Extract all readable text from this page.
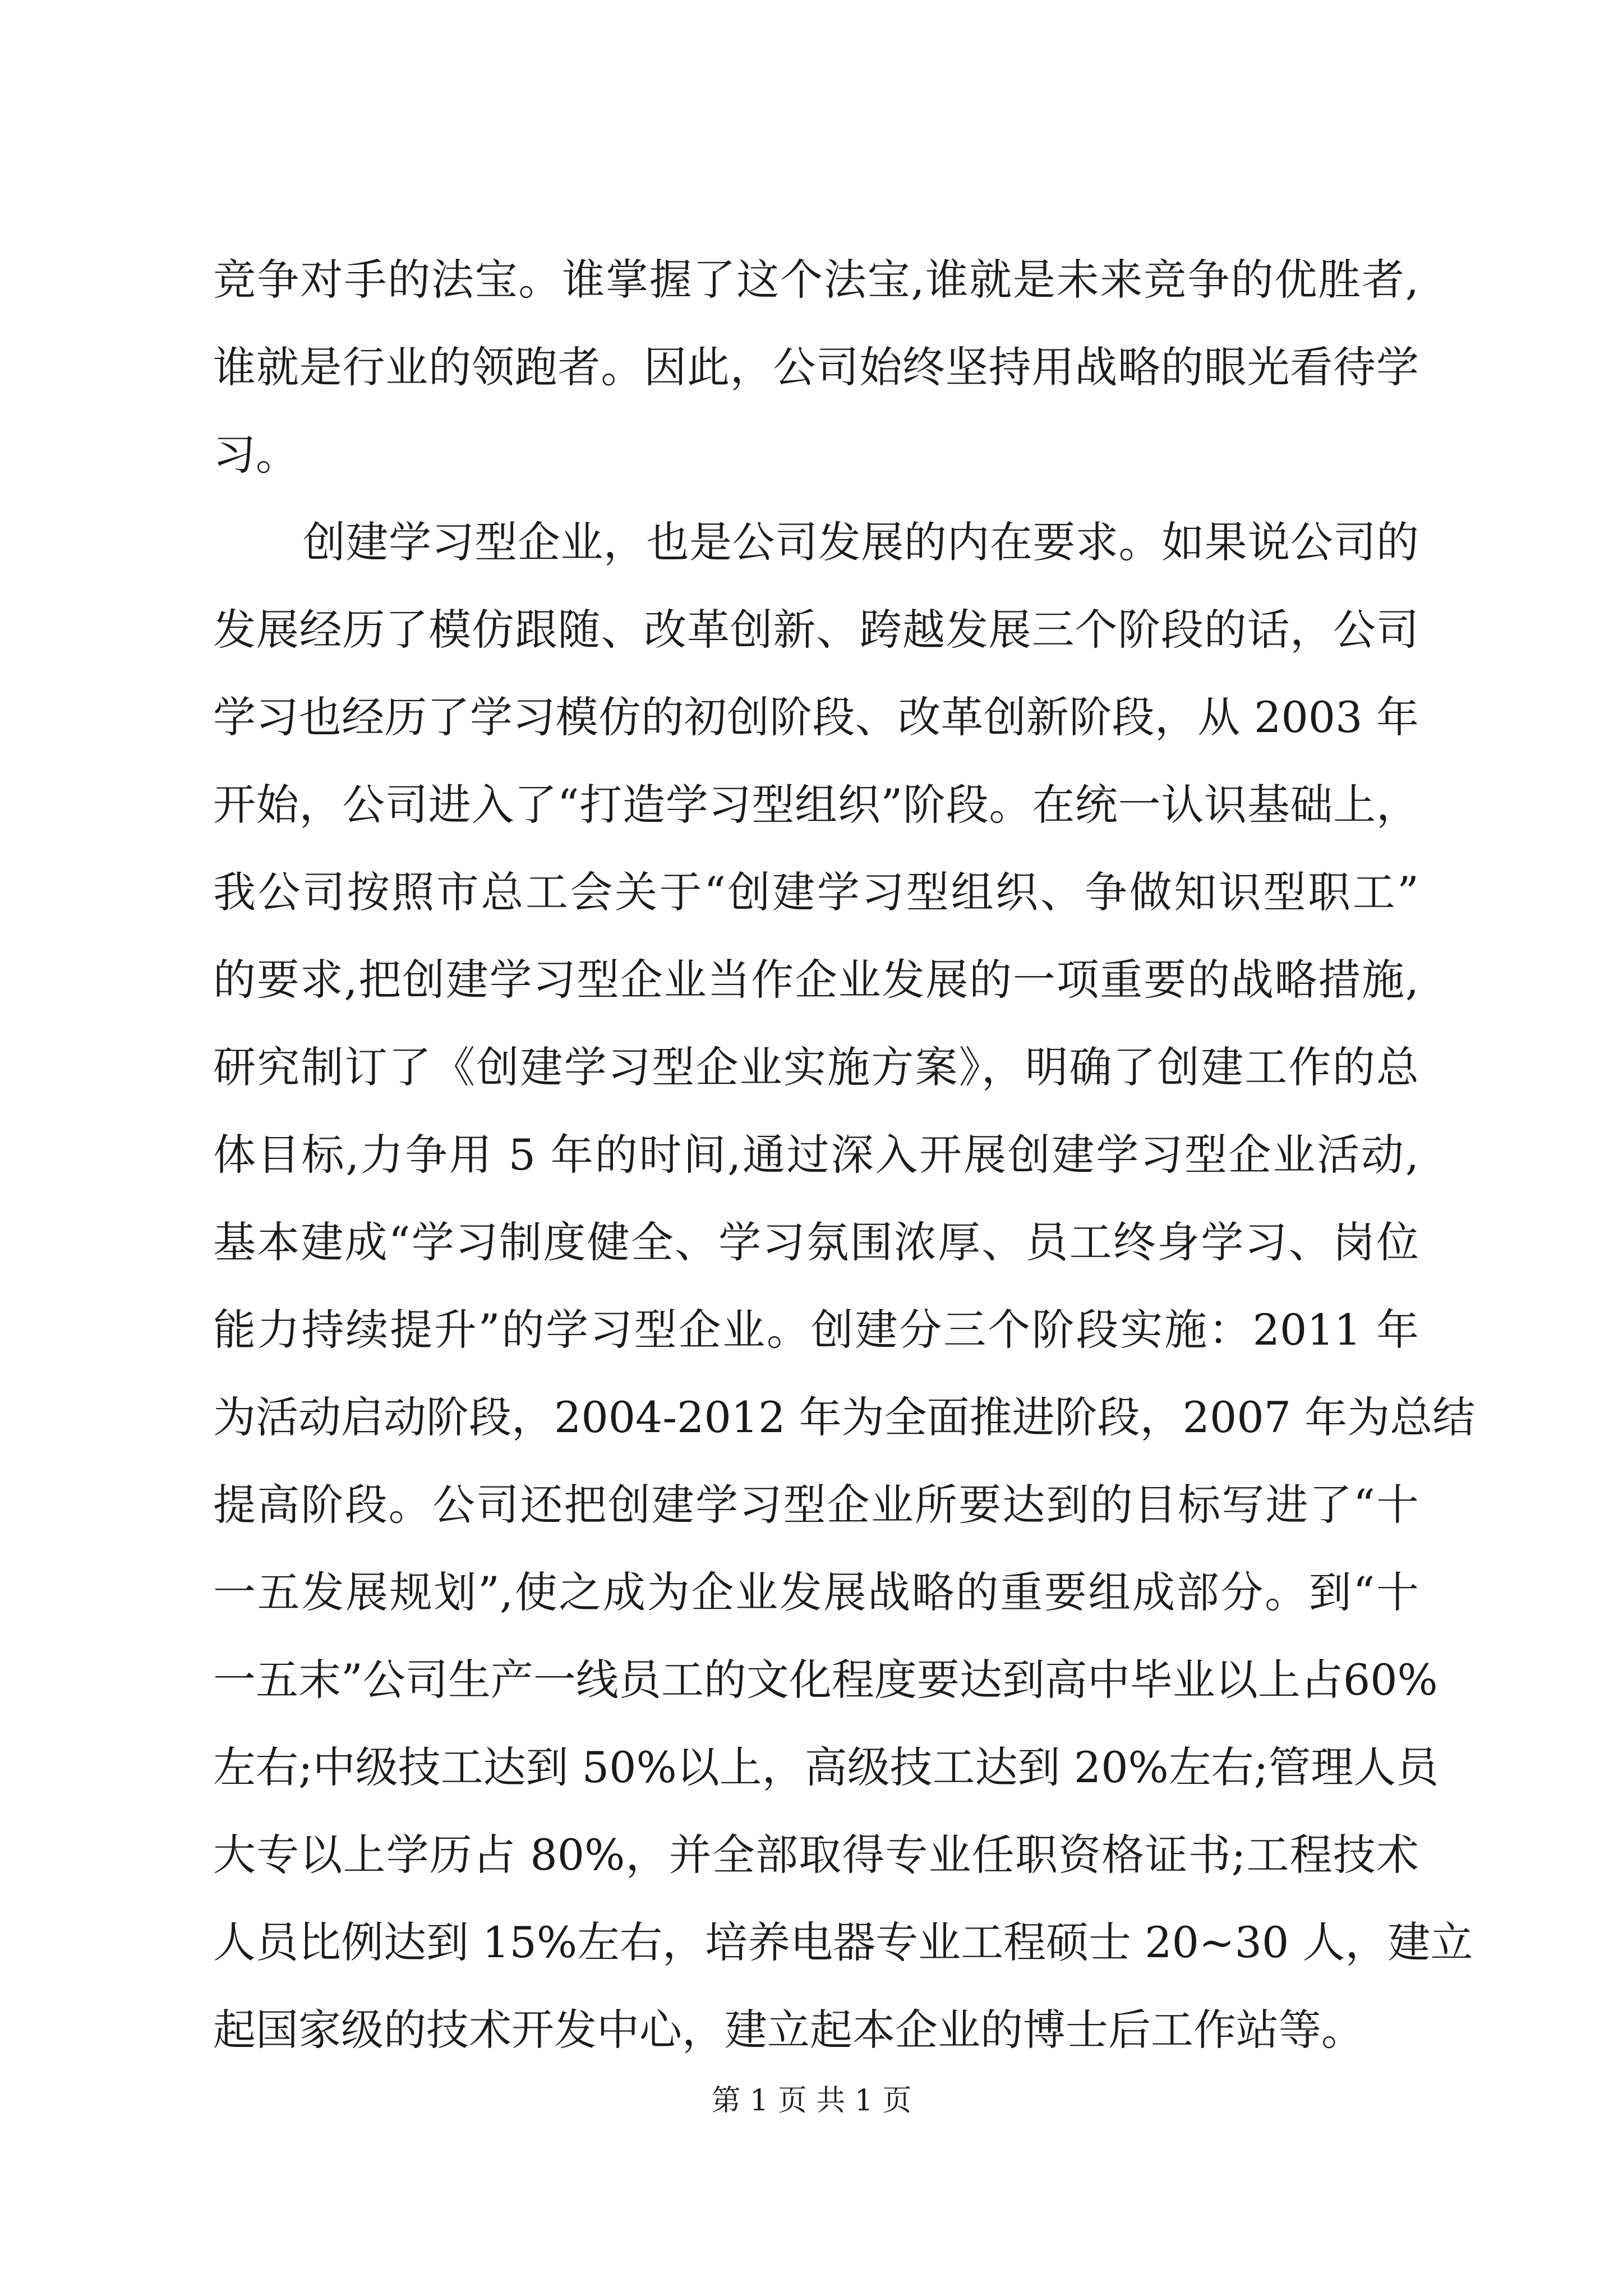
竞争对手的法宝。谁掌握了这个法宝,谁就是未来竞争的优胜者,
谁就是行业的领跑者。因此，公司始终坚持用战略的眼光看待学
习。
创建学习型企业，也是公司发展的内在要求。如果说公司的
发展经历了模仿跟随、改革创新、跨越发展三个阶段的话，公司
学习也经历了学习模仿的初创阶段、改革创新阶段，从 2003 年
开始，公司进入了“打造学习型组织”阶段。在统一认识基础上，
我公司按照市总工会关于“创建学习型组织、争做知识型职工”
的要求,把创建学习型企业当作企业发展的一项重要的战略措施,
研究制订了《创建学习型企业实施方案》，明确了创建工作的总
体目标,力争用 5 年的时间,通过深入开展创建学习型企业活动,
基本建成“学习制度健全、学习氛围浓厚、员工终身学习、岗位
能力持续提升”的学习型企业。创建分三个阶段实施：2011 年
为活动启动阶段，2004-2012 年为全面推进阶段，2007 年为总结
提高阶段。公司还把创建学习型企业所要达到的目标写进了“十
一五发展规划”,使之成为企业发展战略的重要组成部分。到“十
一五末”公司生产一线员工的文化程度要达到高中毕业以上占60%
左右;中级技工达到 50%以上，高级技工达到 20%左右;管理人员
大专以上学历占 80%，并全部取得专业任职资格证书;工程技术
人员比例达到 15%左右，培养电器专业工程硕士 20~30 人，建立
起国家级的技术开发中心，建立起本企业的博士后工作站等。
第 1 页 共 1 页
